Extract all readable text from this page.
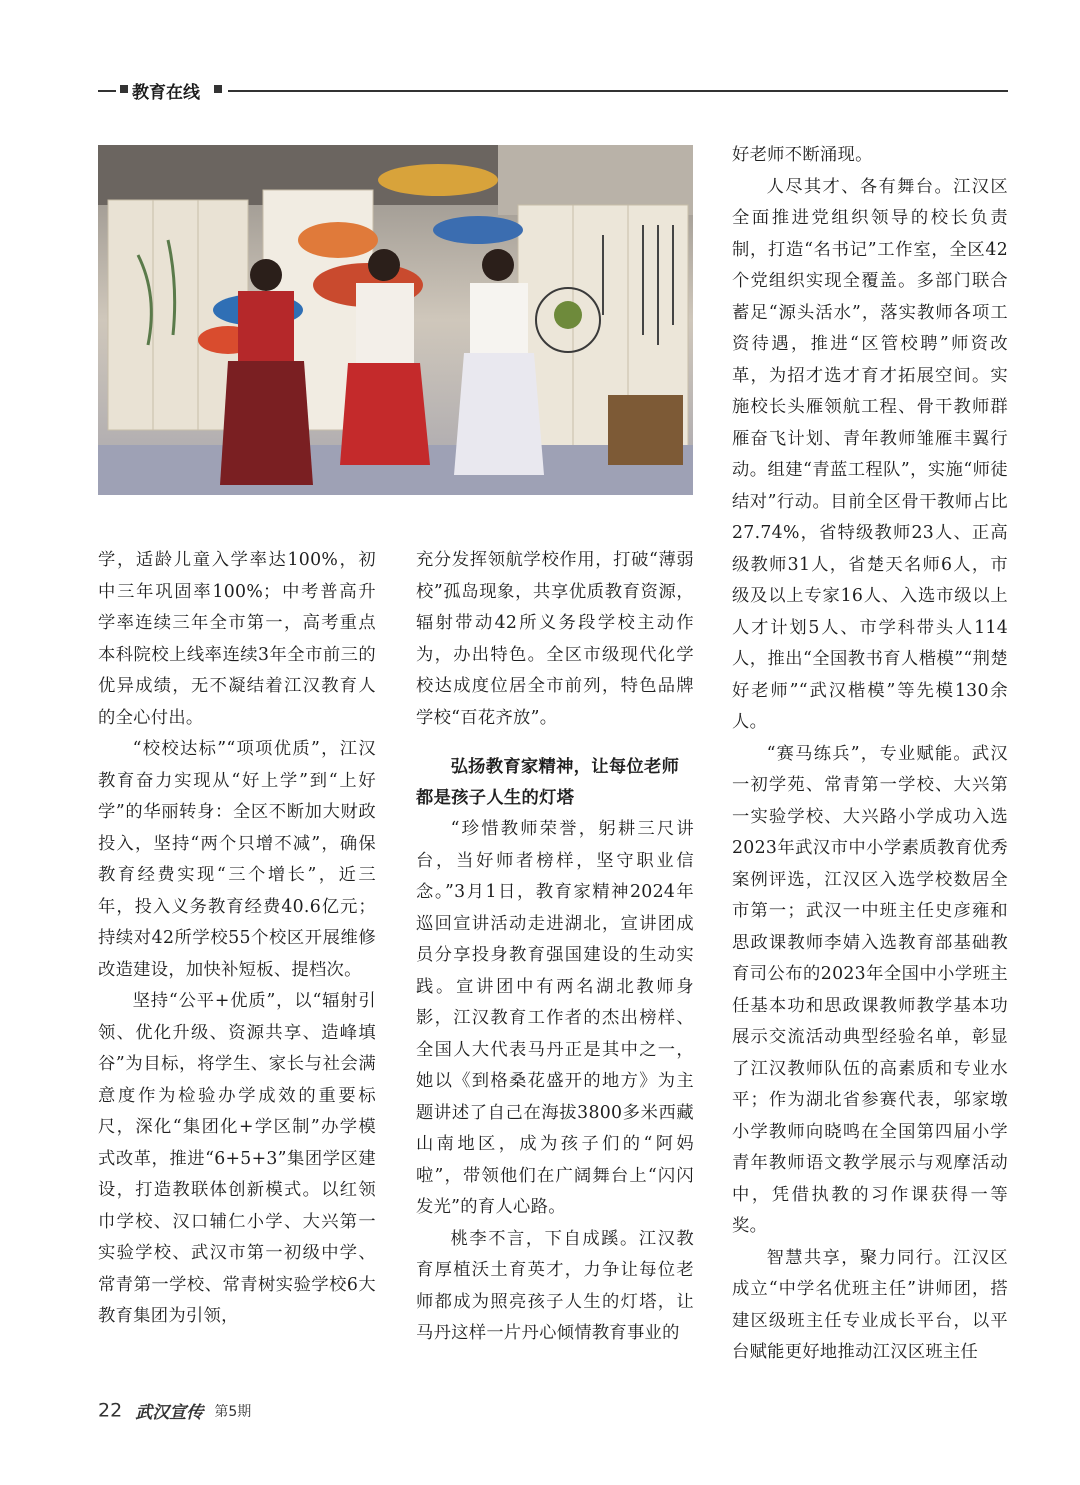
教育在线

学，适龄儿童入学率达100%，初中三年巩固率100%；中考普高升学率连续三年全市第一，高考重点本科院校上线率连续3年全市前三的优异成绩，无不凝结着江汉教育人的全心付出。

“校校达标”“项项优质”，江汉教育奋力实现从“好上学”到“上好学”的华丽转身：全区不断加大财政投入，坚持“两个只增不减”，确保教育经费实现“三个增长”，近三年，投入义务教育经费40.6亿元；持续对42所学校55个校区开展维修改造建设，加快补短板、提档次。

坚持“公平+优质”，以“辐射引领、优化升级、资源共享、造峰填谷”为目标，将学生、家长与社会满意度作为检验办学成效的重要标尺，深化“集团化+学区制”办学模式改革，推进“6+5+3”集团学区建设，打造教联体创新模式。以红领巾学校、汉口辅仁小学、大兴第一实验学校、武汉市第一初级中学、常青第一学校、常青树实验学校6大教育集团为引领，

充分发挥领航学校作用，打破“薄弱校”孤岛现象，共享优质教育资源，辐射带动42所义务段学校主动作为，办出特色。全区市级现代化学校达成度位居全市前列，特色品牌学校“百花齐放”。

弘扬教育家精神，让每位老师都是孩子人生的灯塔

“珍惜教师荣誉，躬耕三尺讲台，当好师者榜样，坚守职业信念。”3月1日，教育家精神2024年巡回宣讲活动走进湖北，宣讲团成员分享投身教育强国建设的生动实践。宣讲团中有两名湖北教师身影，江汉教育工作者的杰出榜样、全国人大代表马丹正是其中之一，她以《到格桑花盛开的地方》为主题讲述了自己在海拔3800多米西藏山南地区，成为孩子们的“阿妈啦”，带领他们在广阔舞台上“闪闪发光”的育人心路。

桃李不言，下自成蹊。江汉教育厚植沃土育英才，力争让每位老师都成为照亮孩子人生的灯塔，让马丹这样一片丹心倾情教育事业的

好老师不断涌现。

人尽其才、各有舞台。江汉区全面推进党组织领导的校长负责制，打造“名书记”工作室，全区42个党组织实现全覆盖。多部门联合蓄足“源头活水”，落实教师各项工资待遇，推进“区管校聘”师资改革，为招才选才育才拓展空间。实施校长头雁领航工程、骨干教师群雁奋飞计划、青年教师雏雁丰翼行动。组建“青蓝工程队”，实施“师徒结对”行动。目前全区骨干教师占比27.74%，省特级教师23人、正高级教师31人，省楚天名师6人，市级及以上专家16人、入选市级以上人才计划5人、市学科带头人114人，推出“全国教书育人楷模”“荆楚好老师”“武汉楷模”等先模130余人。

“赛马练兵”，专业赋能。武汉一初学苑、常青第一学校、大兴第一实验学校、大兴路小学成功入选2023年武汉市中小学素质教育优秀案例评选，江汉区入选学校数居全市第一；武汉一中班主任史彦雍和思政课教师李婧入选教育部基础教育司公布的2023年全国中小学班主任基本功和思政课教师教学基本功展示交流活动典型经验名单，彰显了江汉教师队伍的高素质和专业水平；作为湖北省参赛代表，邬家墩小学教师向晓鸣在全国第四届小学青年教师语文教学展示与观摩活动中，凭借执教的习作课获得一等奖。

智慧共享，聚力同行。江汉区成立“中学名优班主任”讲师团，搭建区级班主任专业成长平台，以平台赋能更好地推动江汉区班主任

22 武汉宣传 第5期
